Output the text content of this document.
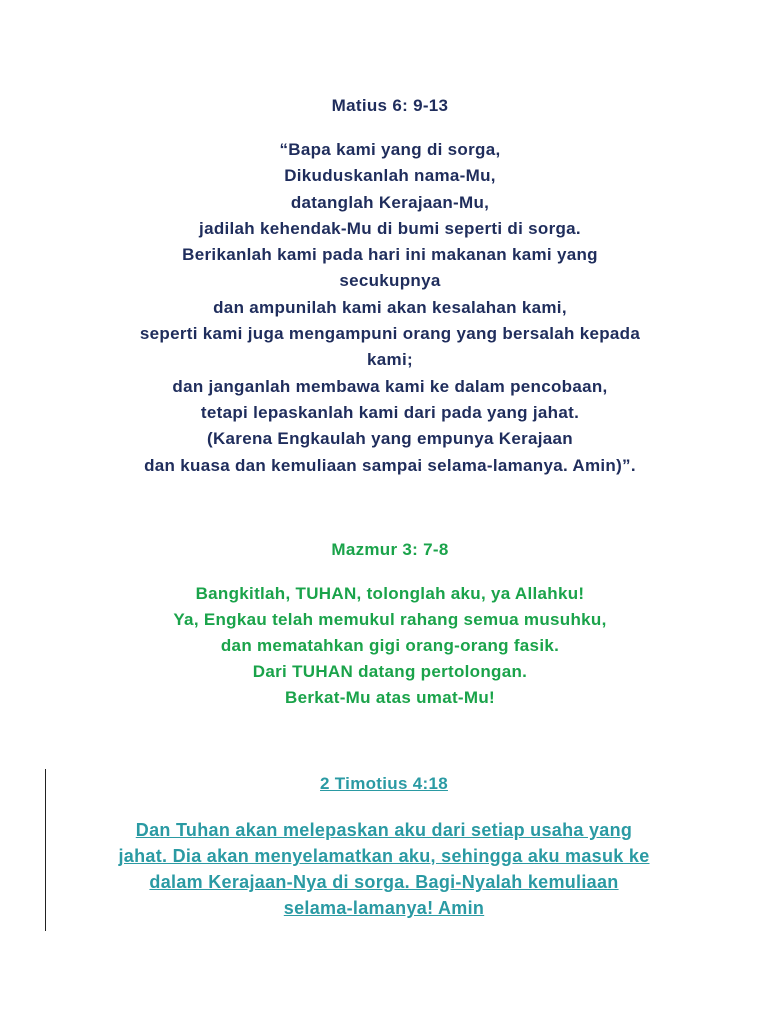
Matius 6: 9-13

“Bapa kami yang di sorga,
Dikuduskanlah nama-Mu,
datanglah Kerajaan-Mu,
jadilah kehendak-Mu di bumi seperti di sorga.
Berikanlah kami pada hari ini makanan kami yang
secukupnya
dan ampunilah kami akan kesalahan kami,
seperti kami juga mengampuni orang yang bersalah kepada
kami;
dan janganlah membawa kami ke dalam pencobaan,
tetapi lepaskanlah kami dari pada yang jahat.
(Karena Engkaulah yang empunya Kerajaan
dan kuasa dan kemuliaan sampai selama-lamanya. Amin)”.

Mazmur 3: 7-8

Bangkitlah, TUHAN, tolonglah aku, ya Allahku!
Ya, Engkau telah memukul rahang semua musuhku,
dan mematahkan gigi orang-orang fasik.
Dari TUHAN datang pertolongan.
Berkat-Mu atas umat-Mu!

2 Timotius 4:18

Dan Tuhan akan melepaskan aku dari setiap usaha yang
jahat. Dia akan menyelamatkan aku, sehingga aku masuk ke
dalam Kerajaan-Nya di sorga. Bagi-Nyalah kemuliaan
selama-lamanya! Amin
